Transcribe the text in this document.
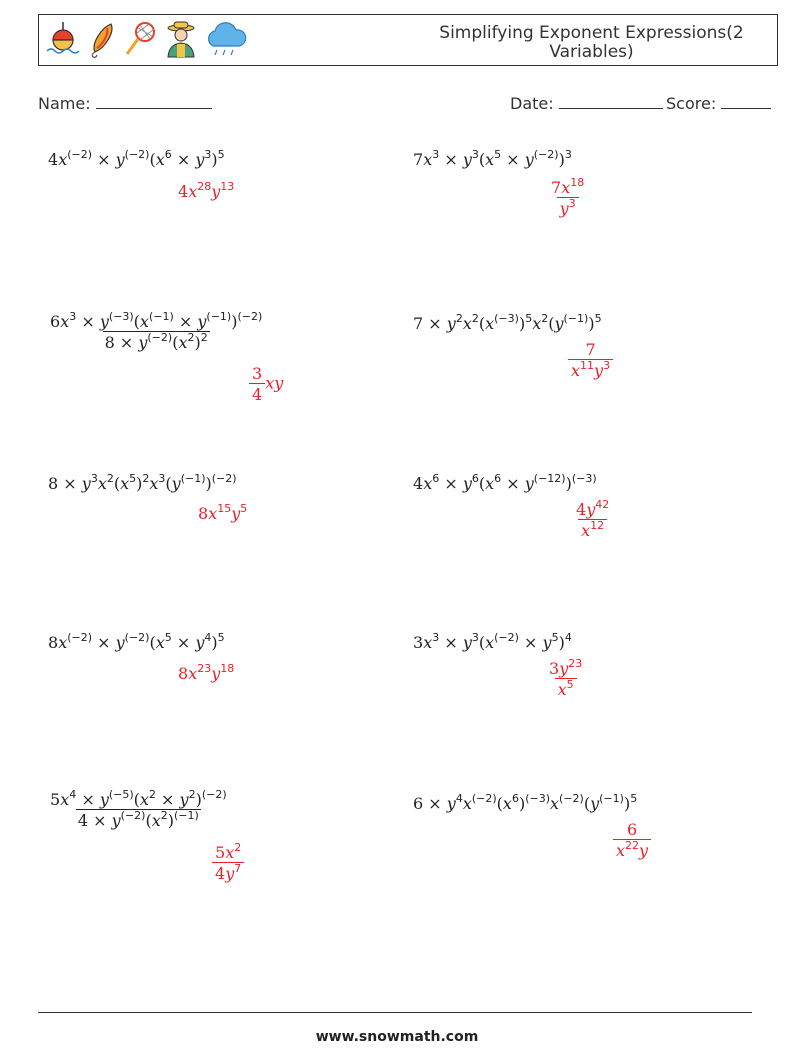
Simplifying Exponent Expressions(2 Variables)
Name:	Date:	Score:
$4x^{(-2)} \times y^{(-2)}(x^6 \times y^3)^5$
$4x^{28}y^{13}$
$7x^3 \times y^3(x^5 \times y^{(-2)})^3$
$\frac{7x^{18}}{y^3}$
$\frac{6x^3 \times y^{(-3)}(x^{(-1)} \times y^{(-1)})^{(-2)}}{8 \times y^{(-2)}(x^2)^2}$
$\frac{3}{4}$ xy
$7 \times y^2x^2(x^{(-3)})^5x^2(y^{(-1)})^5$
$\frac{7}{x^{11}y^3}$
$8 \times y^3x^2(x^5)^2x^3(y^{(-1)})^{(-2)}$
$8x^{15}y^5$
$4x^6 \times y^6(x^6 \times y^{(-12)})^{(-3)}$
$\frac{4y^{42}}{x^{12}}$
$8x^{(-2)} \times y^{(-2)}(x^5 \times y^4)^5$
$8x^{23}y^{18}$
$3x^3 \times y^3(x^{(-2)} \times y^5)^4$
$\frac{3y^{23}}{x^5}$
$\frac{5x^4 \times y^{(-5)}(x^2 \times y^2)^{(-2)}}{4 \times y^{(-2)}(x^2)^{(-1)}}$
$\frac{5x^2}{4y^7}$
$6 \times y^4x^{(-2)}(x^6)^{(-3)}x^{(-2)}(y^{(-1)})^5$
$\frac{6}{x^{22}y}$
www.snowmath.com
